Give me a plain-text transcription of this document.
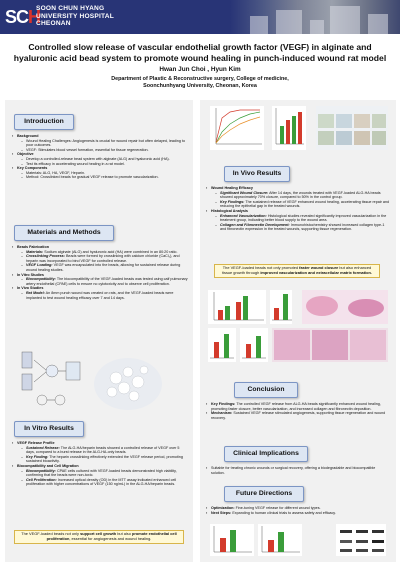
SCH
SOON CHUN HYANG
UNIVERSITY HOSPITAL
CHEONAN
Controlled slow release of vascular endothelial growth factor (VEGF) in alginate and hyaluronic acid bead system to promote wound healing in punch-induced wound rat model
Hwan Jun Choi , Hyun Kim
Department of Plastic & Reconstructive surgery, College of medicine,
Soonchunhyang University, Cheonan, Korea
Introduction
▪ Background
– Wound Healing Challenges: Angiogenesis is crucial for wound repair but often delayed, leading to poor outcomes.
– VEGF: Stimulates blood vessel formation, essential for tissue regeneration.
▪ Objective
– Develop a controlled-release bead system with alginate (ALG) and hyaluronic acid (HA).
– Test its efficacy in accelerating wound healing in a rat model.
▪ Key Components
– Materials: ALG, HA, VEGF, Heparin.
– Method: Crosslinked beads for gradual VEGF release to promote vascularization.
Materials and Methods
▪ Beads Fabrication
– Materials: Sodium alginate (ALG) and hyaluronic acid (HA) were combined in an 80:20 ratio.
– Crosslinking Process: Beads were formed by crosslinking with calcium chloride (CaCl₂), and heparin was incorporated to bind VEGF for controlled release.
– VEGF Loading: VEGF was encapsulated into the beads, allowing for sustained release during wound healing studies.
▪ In Vitro Studies
– Biocompatibility: The biocompatibility of the VEGF-loaded beads was tested using calf pulmonary artery endothelial (CPAE) cells to ensure no cytotoxicity and to observe cell proliferation.
▪ In Vivo Studies
– Rat Model: An 8mm punch wound was created on rats, and the VEGF-loaded beads were implanted to test wound healing efficacy over 7 and 14 days.
In Vitro Results
▪ VEGF Release Profile
– Sustained Release: The ALG-HA/heparin beads showed a controlled release of VEGF over 5 days, compared to a burst release in the ALG-HA-only beads.
– Key Finding: The heparin crosslinking effectively extended the VEGF release period, promoting sustained bioactivity.
▪ Biocompatibility and Cell Migration
– Biocompatibility: CPAE cells cultured with VEGF-loaded beads demonstrated high viability, confirming that the beads were non-toxic.
– Cell Proliferation: Increased optical density (OD) in the MTT assay indicated enhanced cell proliferation with higher concentrations of VEGF (150 ng/mL) in the ALG-HA/heparin beads.
The VEGF-loaded beads not only support cell growth but also promote endothelial cell proliferation, essential for angiogenesis and wound healing.
In Vivo Results
▪ Wound Healing Efficacy
– Significant Wound Closure: After 14 days, the wounds treated with VEGF-loaded ALG-HA beads showed approximately 70% closure, compared to 50% in the control group.
– Key Findings: The sustained release of VEGF enhanced wound healing, accelerating tissue repair and reducing the epithelial gap in the treated wounds.
▪ Histological Analysis
– Enhanced Vascularization: Histological studies revealed significantly improved vascularization in the treatment group, indicating better blood supply to the wound area.
– Collagen and Fibronectin Development: Immunohistochemistry showed increased collagen type-1 and fibronectin expression in the treated wounds, supporting tissue regeneration.
The VEGF-loaded beads not only promoted faster wound closure but also enhanced tissue growth through improved vascularization and extracellular matrix formation.
Conclusion
▪ Key Findings: The controlled VEGF release from ALG-HA beads significantly enhanced wound healing, promoting faster closure, better vascularization, and increased collagen and fibronectin deposition.
▪ Mechanism: Sustained VEGF release stimulated angiogenesis, supporting tissue regeneration and wound recovery.
Clinical Implications
▪ Suitable for treating chronic wounds or surgical recovery, offering a biodegradable and biocompatible solution.
Future Directions
▪ Optimization: Fine-tuning VEGF release for different wound types.
▪ Next Steps: Expanding to human clinical trials to assess safety and efficacy.
